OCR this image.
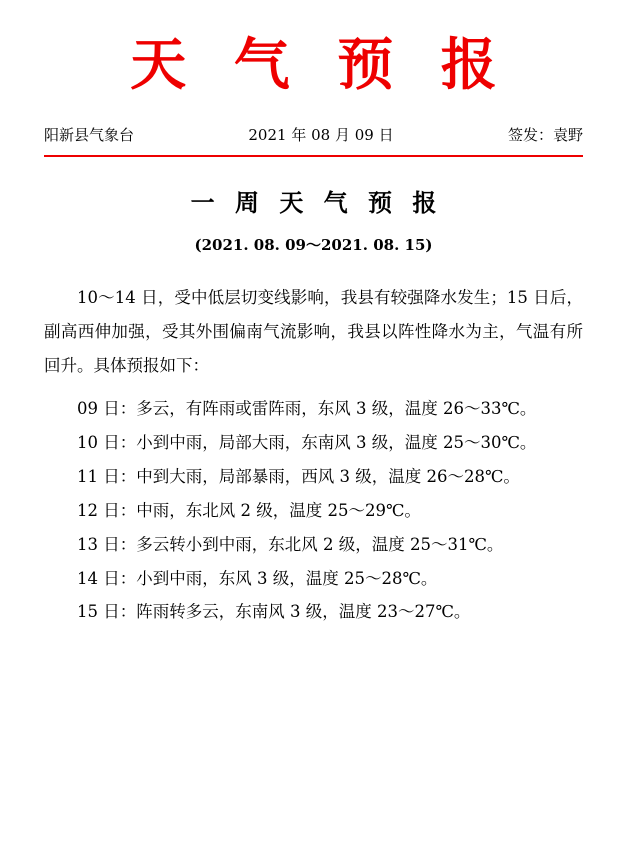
天 气 预 报
阳新县气象台	2021 年 08 月 09 日	签发：袁野
一 周 天 气 预 报
(2021. 08. 09～2021. 08. 15)

10～14 日，受中低层切变线影响，我县有较强降水发生；15 日后，副高西伸加强，受其外围偏南气流影响，我县以阵性降水为主，气温有所回升。具体预报如下：

09 日：多云，有阵雨或雷阵雨，东风 3 级，温度 26～33℃。
10 日：小到中雨，局部大雨，东南风 3 级，温度 25～30℃。
11 日：中到大雨，局部暴雨，西风 3 级，温度 26～28℃。
12 日：中雨，东北风 2 级，温度 25～29℃。
13 日：多云转小到中雨，东北风 2 级，温度 25～31℃。
14 日：小到中雨，东风 3 级，温度 25～28℃。
15 日：阵雨转多云，东南风 3 级，温度 23～27℃。
